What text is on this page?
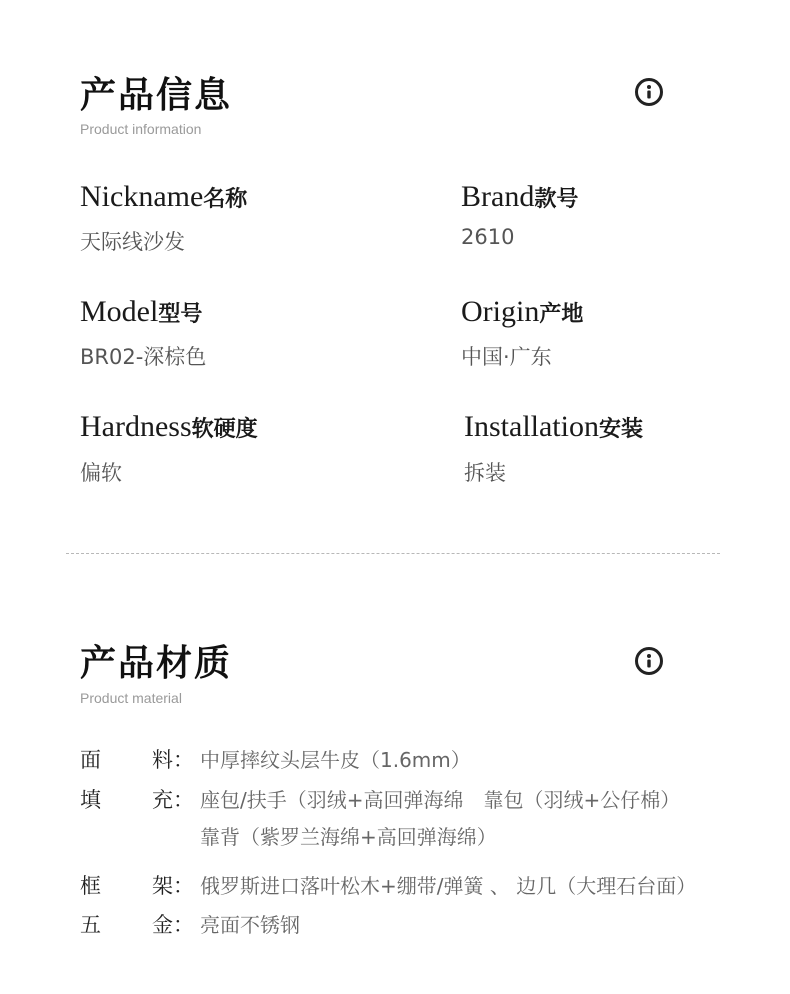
产品信息
Product information
Nickname名称
天际线沙发
Brand款号
2610
Model型号
BR02-深棕色
Origin产地
中国·广东
Hardness软硬度
偏软
Installation安装
拆装
产品材质
Product material
面 料： 中厚摔纹头层牛皮（1.6mm）
填 充： 座包/扶手（羽绒+高回弹海绵　靠包（羽绒+公仔棉）
靠背（紫罗兰海绵+高回弹海绵）
框 架： 俄罗斯进口落叶松木+绷带/弹簧 、 边几（大理石台面）
五 金： 亮面不锈钢
